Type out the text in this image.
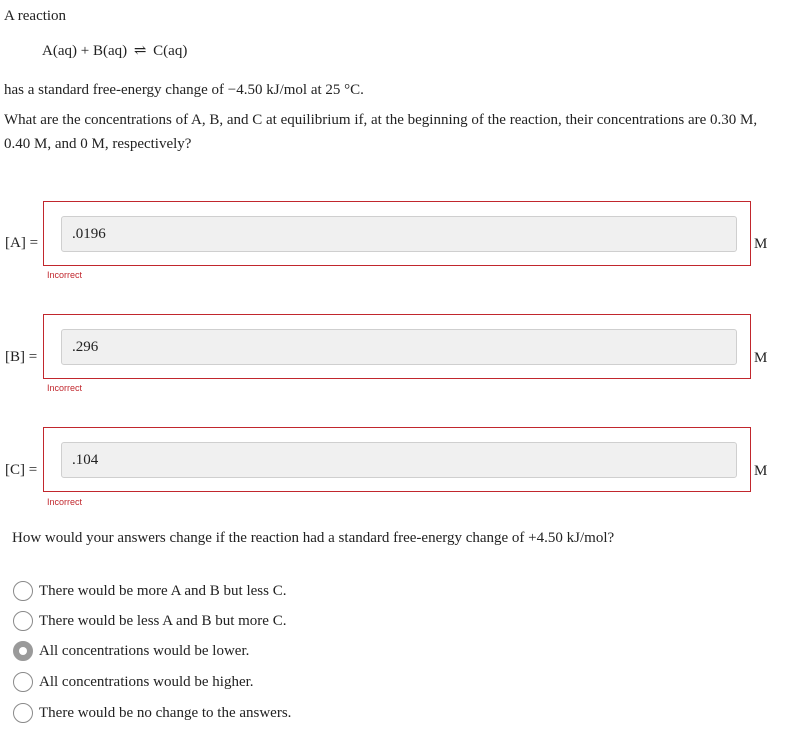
A reaction
A(aq) + B(aq) ⇌ C(aq)
has a standard free-energy change of −4.50 kJ/mol at 25 °C.
What are the concentrations of A, B, and C at equilibrium if, at the beginning of the reaction, their concentrations are 0.30 M,
0.40 M, and 0 M, respectively?
[A] =
.0196	M
Incorrect
[B] =
.296	M
Incorrect
[C] =
.104	M
Incorrect
How would your answers change if the reaction had a standard free-energy change of +4.50 kJ/mol?
There would be more A and B but less C.
There would be less A and B but more C.
All concentrations would be lower.
All concentrations would be higher.
There would be no change to the answers.
